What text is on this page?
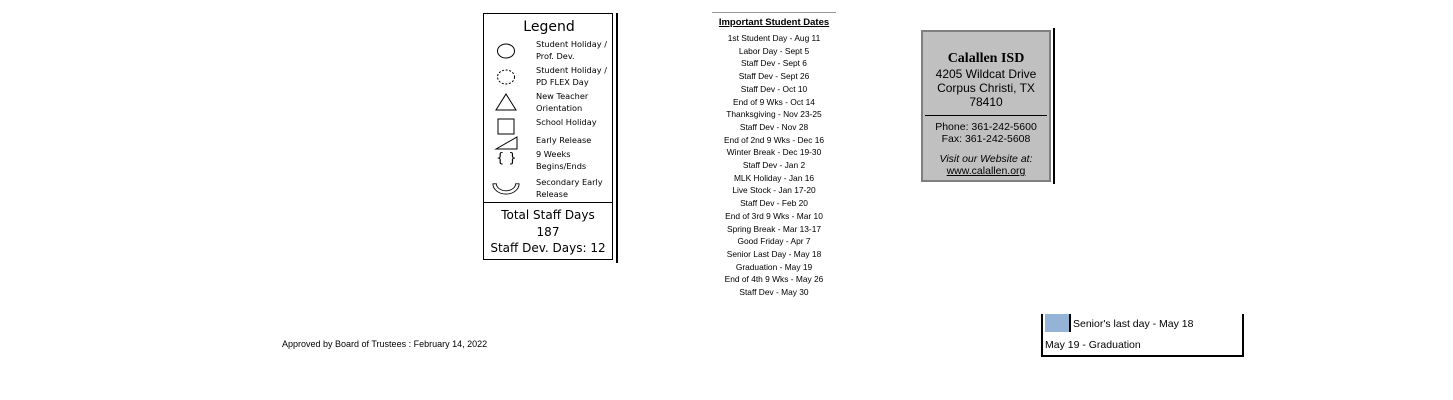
Legend
Student Holiday / Prof. Dev.
Student Holiday / PD FLEX Day
New Teacher Orientation
School Holiday
Early Release
{ }	9 Weeks Begins/Ends
Secondary Early Release
Total Staff Days
187
Staff Dev. Days: 12
Important Student Dates
1st Student Day - Aug 11
Labor Day - Sept 5
Staff Dev - Sept 6
Staff Dev - Sept 26
Staff Dev - Oct 10
End of 9 Wks - Oct 14
Thanksgiving - Nov 23-25
Staff Dev - Nov 28
End of 2nd 9 Wks - Dec 16
Winter Break - Dec 19-30
Staff Dev - Jan 2
MLK Holiday - Jan 16
Live Stock - Jan 17-20
Staff Dev - Feb 20
End of 3rd 9 Wks - Mar 10
Spring Break - Mar 13-17
Good Friday - Apr 7
Senior Last Day - May 18
Graduation - May 19
End of 4th 9 Wks - May 26
Staff Dev - May 30
Calallen ISD
4205 Wildcat Drive
Corpus Christi, TX
78410
Phone: 361-242-5600
Fax: 361-242-5608
Visit our Website at:
www.calallen.org
Approved by Board of Trustees : February 14, 2022
Senior's last day - May 18
May 19 - Graduation
